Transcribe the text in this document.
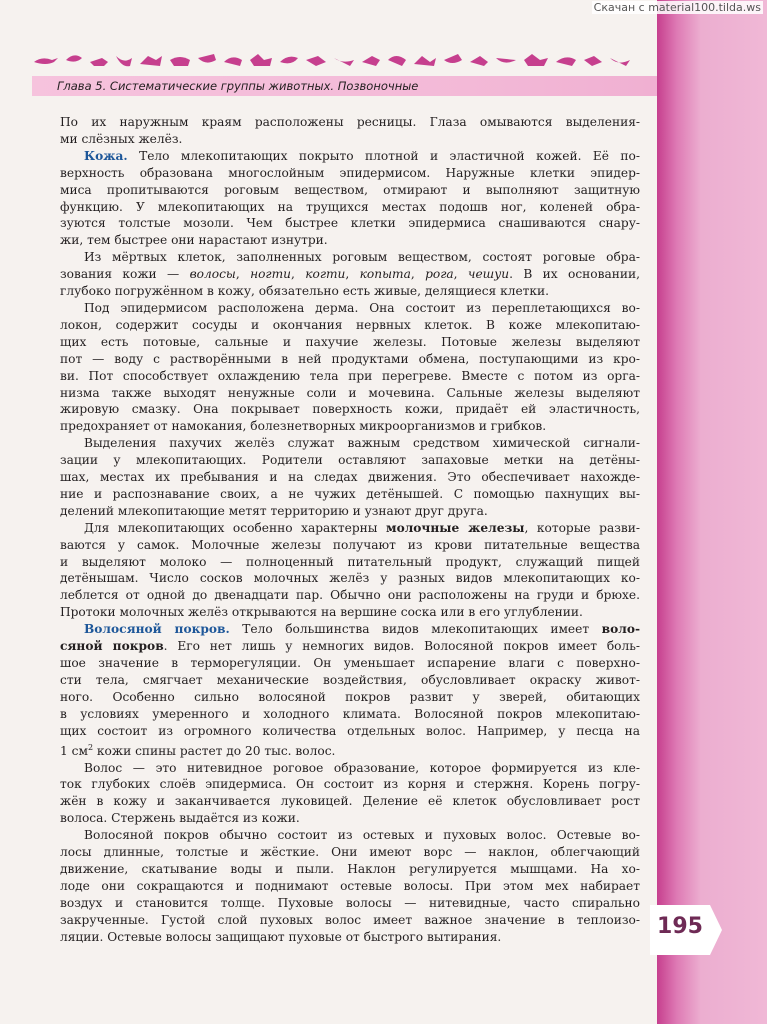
Скачан с material100.tilda.ws
Глава 5. Систематические группы животных. Позвоночные

По их наружным краям расположены ресницы. Глаза омываются выделения-

ми слёзных желёз.

Кожа. Тело млекопитающих покрыто плотной и эластичной кожей. Её по-

верхность образована многослойным эпидермисом. Наружные клетки эпидер-

миса пропитываются роговым веществом, отмирают и выполняют защитную

функцию. У млекопитающих на трущихся местах подошв ног, коленей обра-

зуются толстые мозоли. Чем быстрее клетки эпидермиса снашиваются снару-

жи, тем быстрее они нарастают изнутри.

Из мёртвых клеток, заполненных роговым веществом, состоят роговые обра-

зования кожи — волосы, ногти, когти, копыта, рога, чешуи. В их основании,

глубоко погружённом в кожу, обязательно есть живые, делящиеся клетки.

Под эпидермисом расположена дерма. Она состоит из переплетающихся во-

локон, содержит сосуды и окончания нервных клеток. В коже млекопитаю-

щих есть потовые, сальные и пахучие железы. Потовые железы выделяют

пот — воду с растворёнными в ней продуктами обмена, поступающими из кро-

ви. Пот способствует охлаждению тела при перегреве. Вместе с потом из орга-

низма также выходят ненужные соли и мочевина. Сальные железы выделяют

жировую смазку. Она покрывает поверхность кожи, придаёт ей эластичность,

предохраняет от намокания, болезнетворных микроорганизмов и грибков.

Выделения пахучих желёз служат важным средством химической сигнали-

зации у млекопитающих. Родители оставляют запаховые метки на детёны-

шах, местах их пребывания и на следах движения. Это обеспечивает нахожде-

ние и распознавание своих, а не чужих детёнышей. С помощью пахнущих вы-

делений млекопитающие метят территорию и узнают друг друга.

Для млекопитающих особенно характерны молочные железы, которые разви-

ваются у самок. Молочные железы получают из крови питательные вещества

и выделяют молоко — полноценный питательный продукт, служащий пищей

детёнышам. Число сосков молочных желёз у разных видов млекопитающих ко-

леблется от одной до двенадцати пар. Обычно они расположены на груди и брюхе.

Протоки молочных желёз открываются на вершине соска или в его углублении.

Волосяной покров. Тело большинства видов млекопитающих имеет воло-

сяной покров. Его нет лишь у немногих видов. Волосяной покров имеет боль-

шое значение в терморегуляции. Он уменьшает испарение влаги с поверхно-

сти тела, смягчает механические воздействия, обусловливает окраску живот-

ного. Особенно сильно волосяной покров развит у зверей, обитающих

в условиях умеренного и холодного климата. Волосяной покров млекопитаю-

щих состоит из огромного количества отдельных волос. Например, у песца на

1 $см^2$ кожи спины растет до 20 тыс. волос.

Волос — это нитевидное роговое образование, которое формируется из кле-

ток глубоких слоёв эпидермиса. Он состоит из корня и стержня. Корень погру-

жён в кожу и заканчивается луковицей. Деление её клеток обусловливает рост

волоса. Стержень выдаётся из кожи.

Волосяной покров обычно состоит из остевых и пуховых волос. Остевые во-

лосы длинные, толстые и жёсткие. Они имеют ворс — наклон, облегчающий

движение, скатывание воды и пыли. Наклон регулируется мышцами. На хо-

лоде они сокращаются и поднимают остевые волосы. При этом мех набирает

воздух и становится толще. Пуховые волосы — нитевидные, часто спирально

закрученные. Густой слой пуховых волос имеет важное значение в теплоизо-

ляции. Остевые волосы защищают пуховые от быстрого вытирания.	195
